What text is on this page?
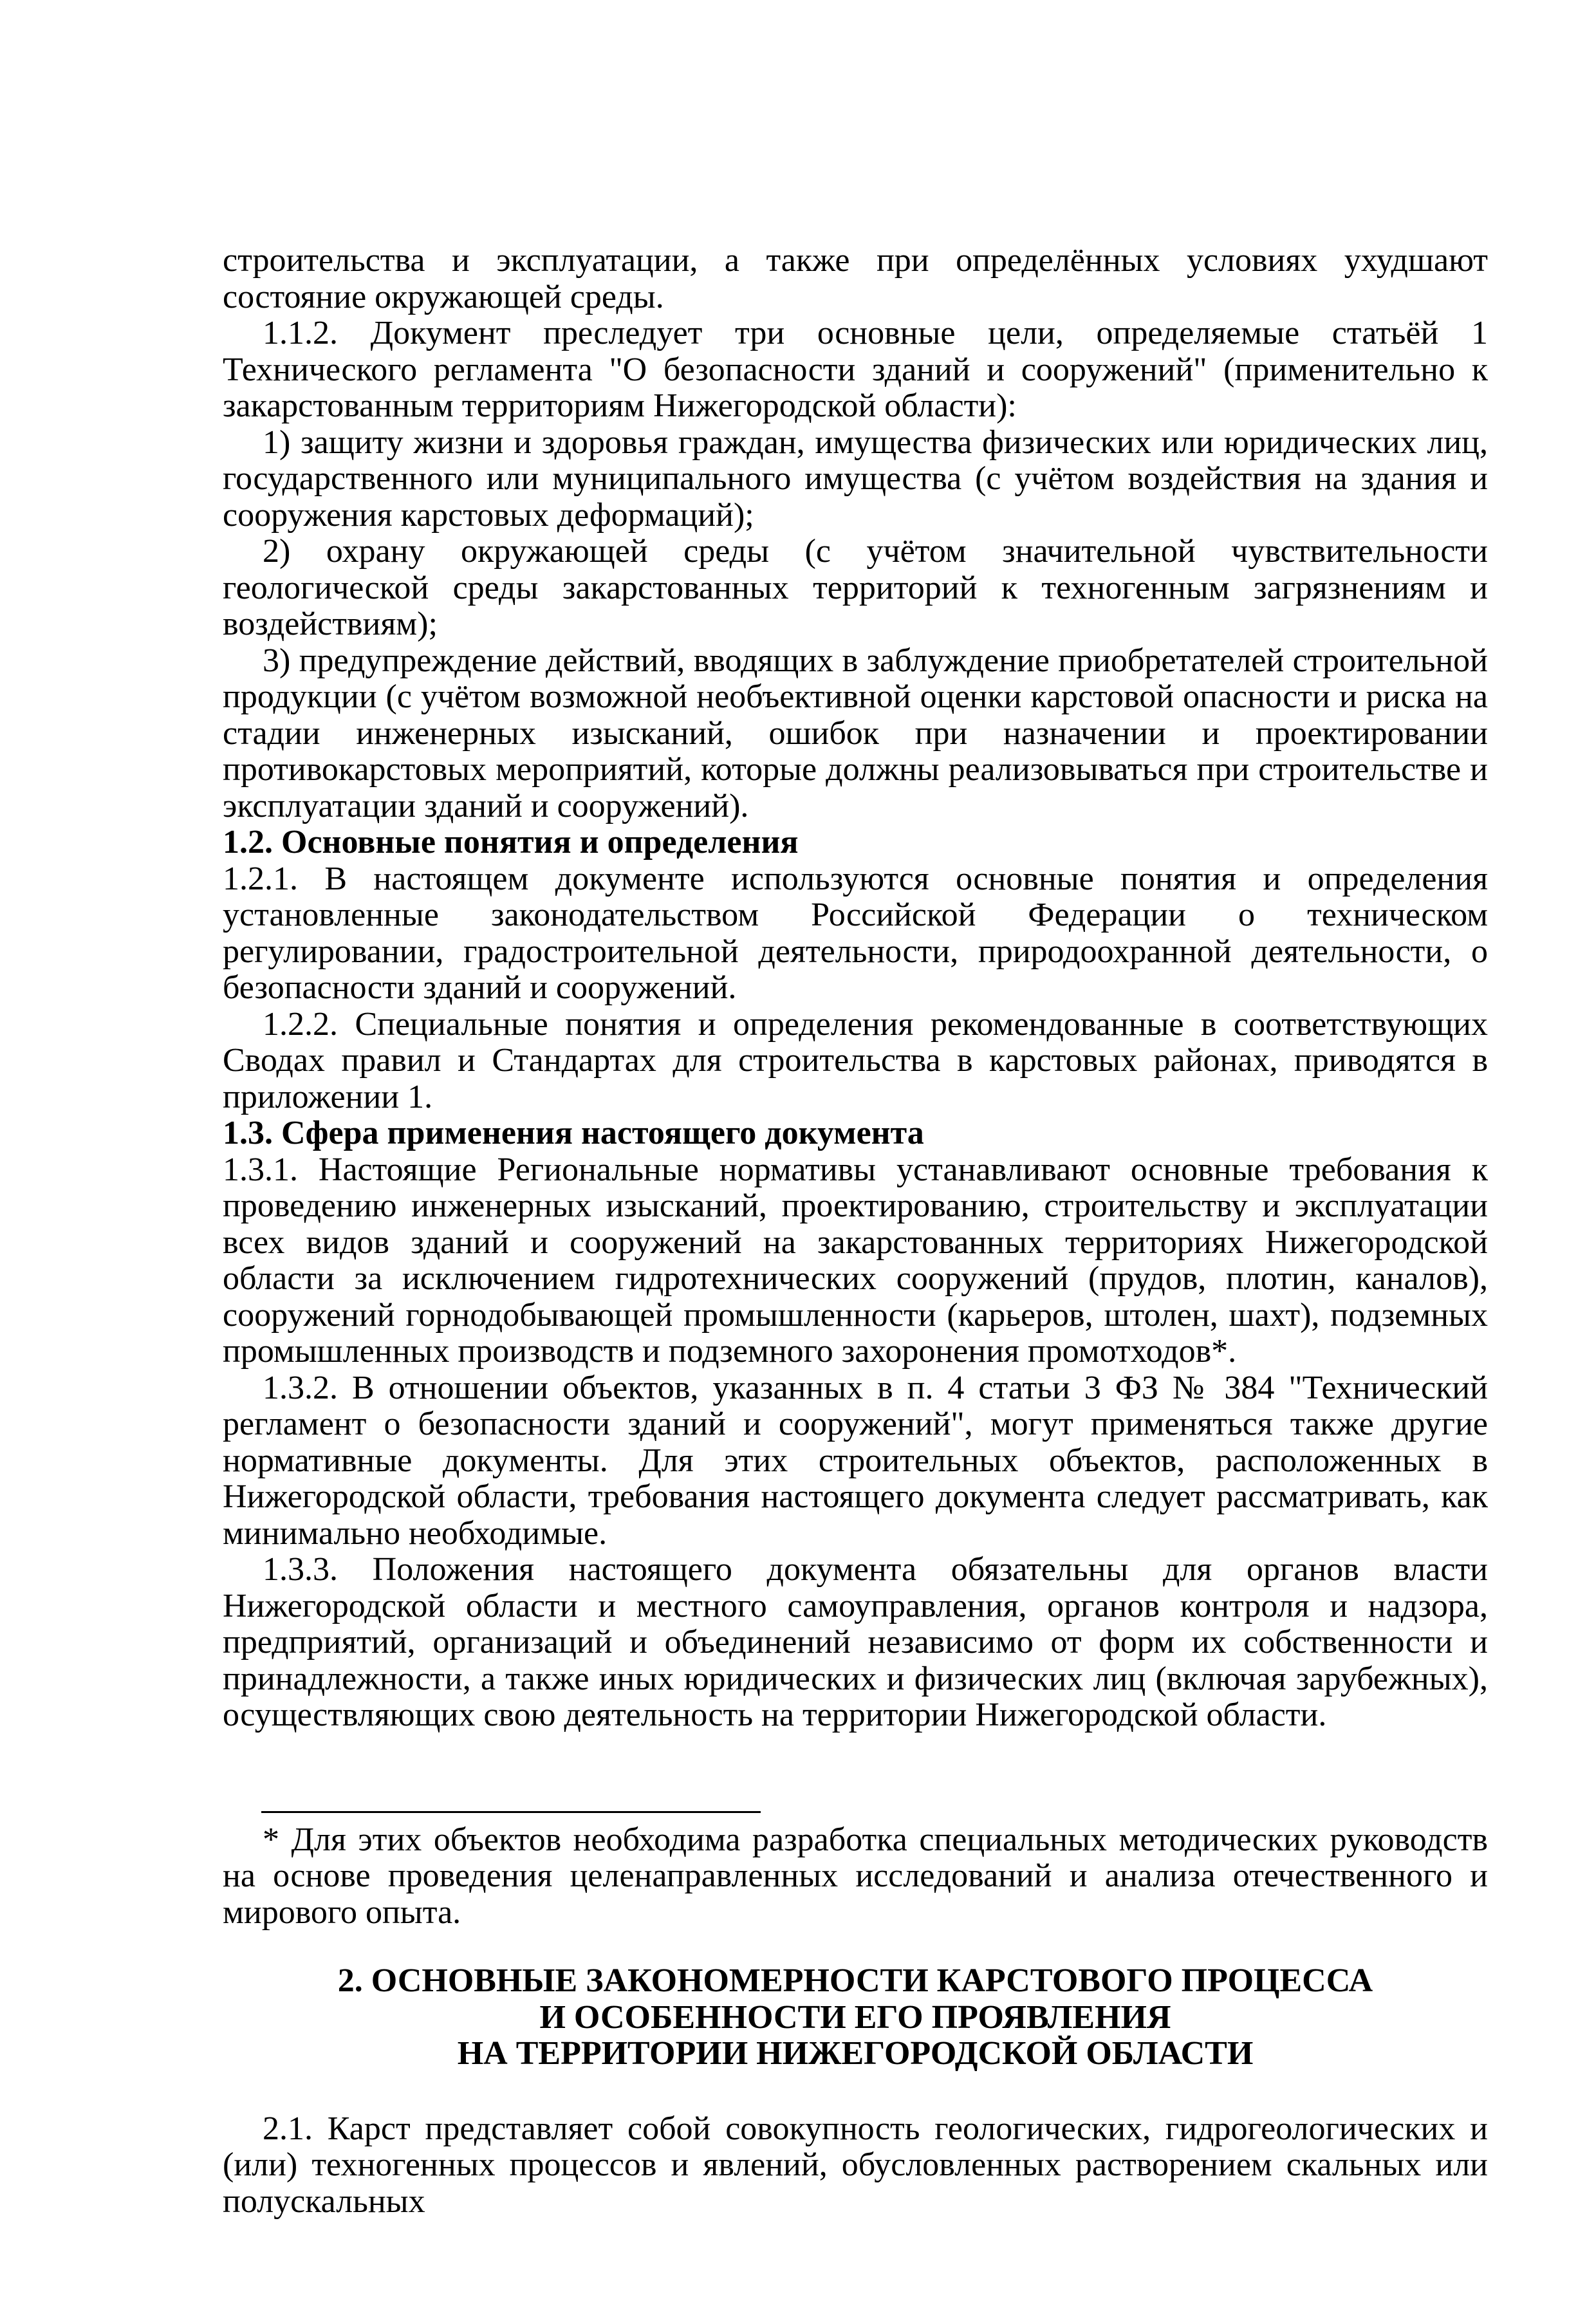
строительства и эксплуатации, а также при определённых условиях ухудшают состояние окружающей среды.

1.1.2. Документ преследует три основные цели, определяемые статьёй 1 Технического регламента "О безопасности зданий и сооружений" (применительно к закарстованным территориям Нижегородской области):

1) защиту жизни и здоровья граждан, имущества физических или юридических лиц, государственного или муниципального имущества (с учётом воздействия на здания и сооружения карстовых деформаций);

2) охрану окружающей среды (с учётом значительной чувствительности геологической среды закарстованных территорий к техногенным загрязнениям и воздействиям);

3) предупреждение действий, вводящих в заблуждение приобретателей строительной продукции (с учётом возможной необъективной оценки карстовой опасности и риска на стадии инженерных изысканий, ошибок при назначении и проектировании противокарстовых мероприятий, которые должны реализовываться при строительстве и эксплуатации зданий и сооружений).

1.2. Основные понятия и определения

1.2.1. В настоящем документе используются основные понятия и определения установленные законодательством Российской Федерации о техническом регулировании, градостроительной деятельности, природоохранной деятельности, о безопасности зданий и сооружений.

1.2.2. Специальные понятия и определения рекомендованные в соответствующих Сводах правил и Стандартах для строительства в карстовых районах, приводятся в приложении 1.

1.3. Сфера применения настоящего документа

1.3.1. Настоящие Региональные нормативы устанавливают основные требования к проведению инженерных изысканий, проектированию, строительству и эксплуатации всех видов зданий и сооружений на закарстованных территориях Нижегородской области за исключением гидротехнических сооружений (прудов, плотин, каналов), сооружений горнодобывающей промышленности (карьеров, штолен, шахт), подземных промышленных производств и подземного захоронения промотходов*.

1.3.2. В отношении объектов, указанных в п. 4 статьи 3 ФЗ № 384 "Технический регламент о безопасности зданий и сооружений", могут применяться также другие нормативные документы. Для этих строительных объектов, расположенных в Нижегородской области, требования настоящего документа следует рассматривать, как минимально необходимые.

1.3.3. Положения настоящего документа обязательны для органов власти Нижегородской области и местного самоуправления, органов контроля и надзора, предприятий, организаций и объединений независимо от форм их собственности и принадлежности, а также иных юридических и физических лиц (включая зарубежных), осуществляющих свою деятельность на территории Нижегородской области.

* Для этих объектов необходима разработка специальных методических руководств на основе проведения целенаправленных исследований и анализа отечественного и мирового опыта.

2. ОСНОВНЫЕ ЗАКОНОМЕРНОСТИ КАРСТОВОГО ПРОЦЕССА
И ОСОБЕННОСТИ ЕГО ПРОЯВЛЕНИЯ
НА ТЕРРИТОРИИ НИЖЕГОРОДСКОЙ ОБЛАСТИ

2.1. Карст представляет собой совокупность геологических, гидрогеологических и (или) техногенных процессов и явлений, обусловленных растворением скальных или полускальных
